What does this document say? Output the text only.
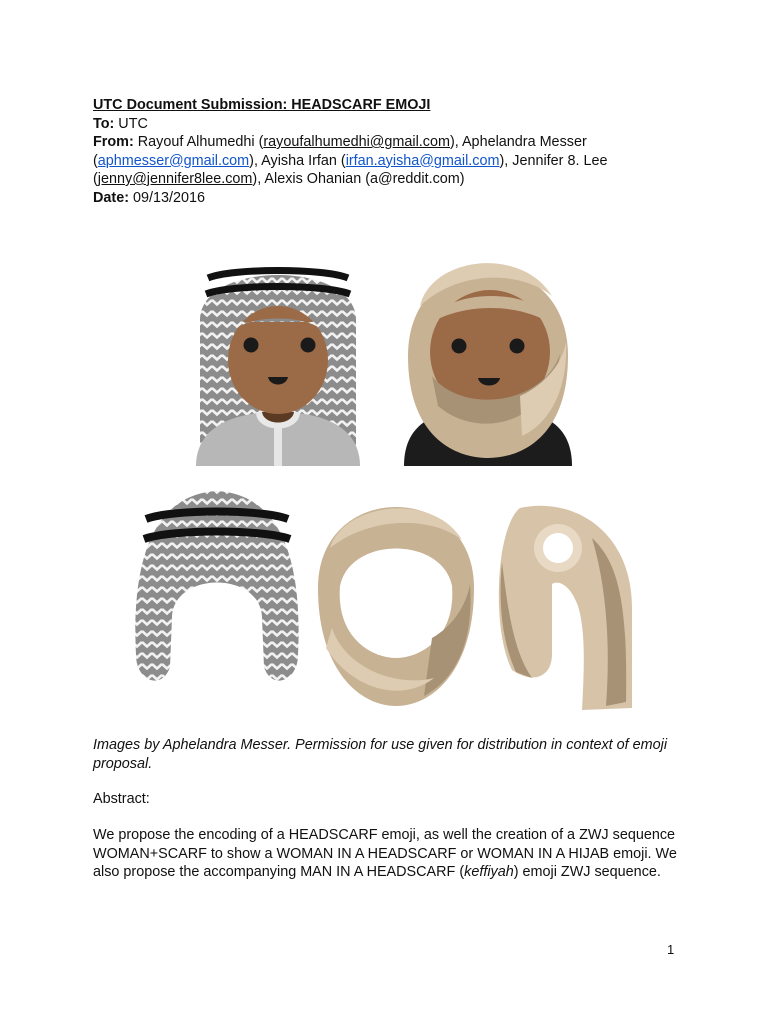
UTC Document Submission: HEADSCARF EMOJI
To: UTC
From: Rayouf Alhumedhi (rayoufalhumedhi@gmail.com), Aphelandra Messer
(aphmesser@gmail.com), Ayisha Irfan (irfan.ayisha@gmail.com), Jennifer 8. Lee
(jenny@jennifer8lee.com), Alexis Ohanian (a@reddit.com)
Date: 09/13/2016
Images by Aphelandra Messer. Permission for use given for distribution in context of emoji proposal.
Abstract:
We propose the encoding of a HEADSCARF emoji, as well the creation of a ZWJ sequence WOMAN+SCARF to show a WOMAN IN A HEADSCARF or WOMAN IN A HIJAB emoji. We also propose the accompanying MAN IN A HEADSCARF (keffiyah) emoji ZWJ sequence.
1
